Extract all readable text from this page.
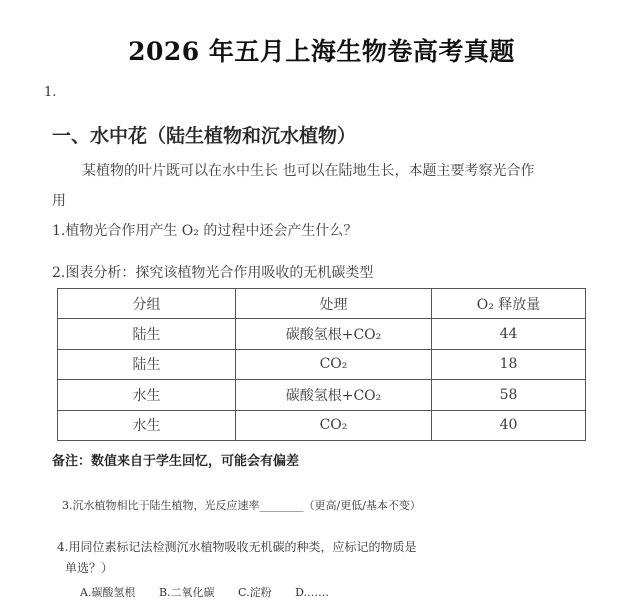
2026 年五月上海生物卷高考真题
1.
一、水中花（陆生植物和沉水植物）
某植物的叶片既可以在水中生长 也可以在陆地生长，本题主要考察光合作
用
1.植物光合作用产生 O₂ 的过程中还会产生什么？
2.图表分析：探究该植物光合作用吸收的无机碳类型
分组	处理	O₂ 释放量
陆生	碳酸氢根+CO₂	44
陆生	CO₂	18
水生	碳酸氢根+CO₂	58
水生	CO₂	40
备注：数值来自于学生回忆，可能会有偏差
3.沉水植物相比于陆生植物，光反应速率________（更高/更低/基本不变）
4.用同位素标记法检测沉水植物吸收无机碳的种类，应标记的物质是
单选？）
A.碳酸氢根 B.二氧化碳 C.淀粉 D.……
